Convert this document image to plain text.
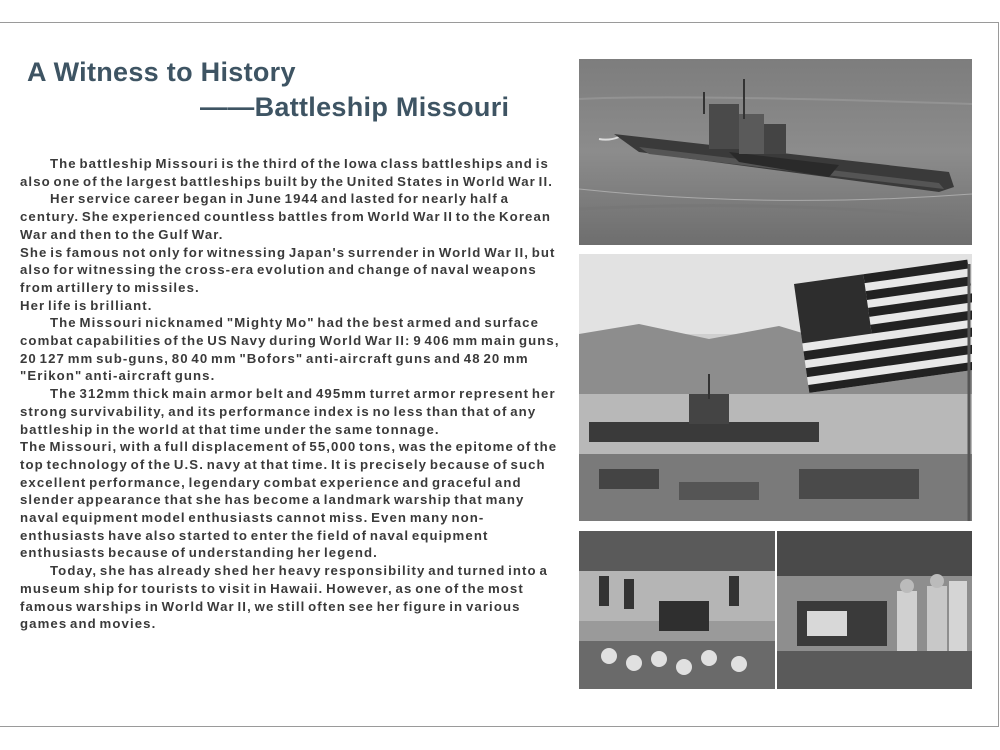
A Witness to History
——Battleship Missouri

The battleship Missouri is the third of the Iowa class battleships and is also one of the largest battleships built by the United States in World War II.

Her service career began in June 1944 and lasted for nearly half a century. She experienced countless battles from World War II to the Korean War and then to the Gulf War.

She is famous not only for witnessing Japan's surrender in World War II, but also for witnessing the cross-era evolution and change of naval weapons from artillery to missiles.

Her life is brilliant.

The Missouri nicknamed "Mighty Mo" had the best armed and surface combat capabilities of the US Navy during World War II: 9 406 mm main guns, 20 127 mm sub-guns, 80 40 mm "Bofors" anti-aircraft guns and 48 20 mm "Erikon" anti-aircraft guns.

The 312mm thick main armor belt and 495mm turret armor represent her strong survivability, and its performance index is no less than that of any battleship in the world at that time under the same tonnage.

The Missouri, with a full displacement of 55,000 tons, was the epitome of the top technology of the U.S. navy at that time. It is precisely because of such excellent performance, legendary combat experience and graceful and slender appearance that she has become a landmark warship that many naval equipment model enthusiasts cannot miss. Even many non-enthusiasts have also started to enter the field of naval equipment enthusiasts because of understanding her legend.

Today, she has already shed her heavy responsibility and turned into a museum ship for tourists to visit in Hawaii. However, as one of the most famous warships in World War II, we still often see her figure in various games and movies.
